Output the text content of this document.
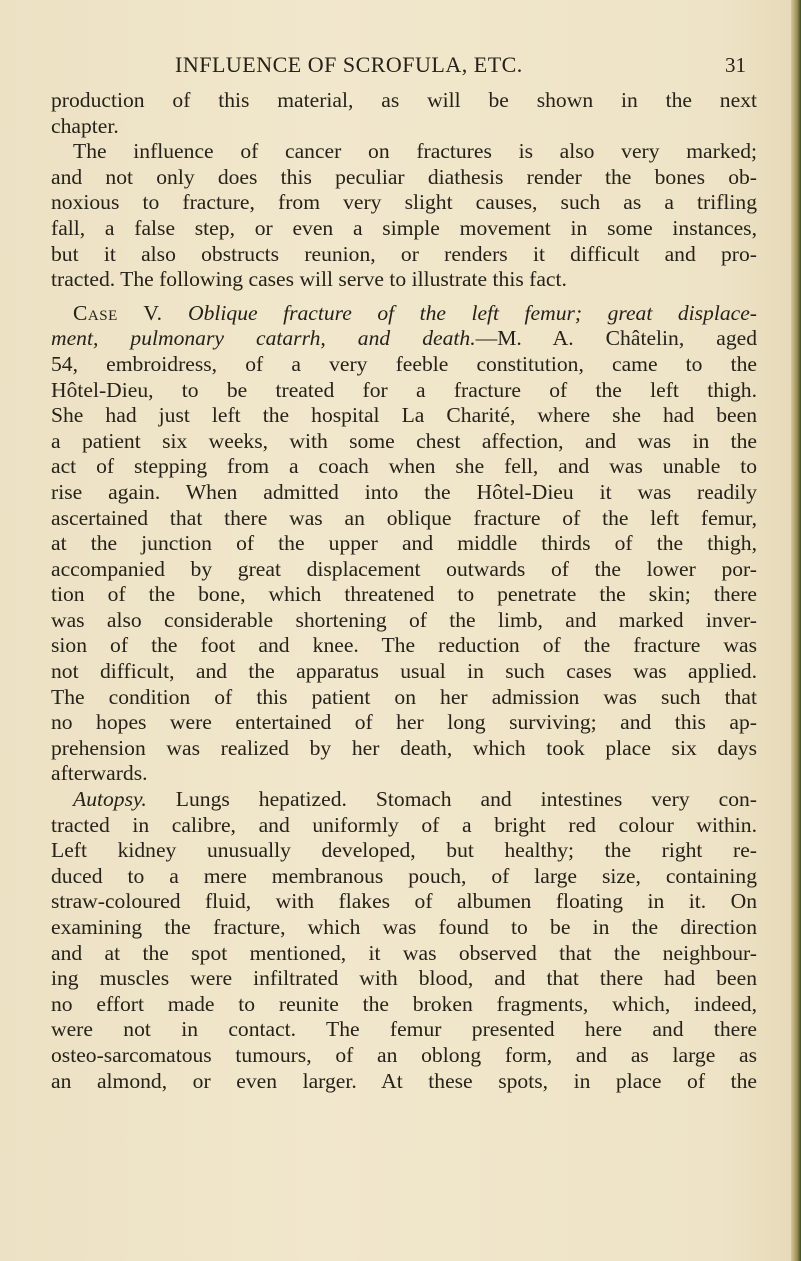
INFLUENCE OF SCROFULA, ETC.	31
production of this material, as will be shown in the next
chapter.
The influence of cancer on fractures is also very marked;
and not only does this peculiar diathesis render the bones ob-
noxious to fracture, from very slight causes, such as a trifling
fall, a false step, or even a simple movement in some instances,
but it also obstructs reunion, or renders it difficult and pro-
tracted. The following cases will serve to illustrate this fact.
Case V. Oblique fracture of the left femur; great displace-
ment, pulmonary catarrh, and death.—M. A. Châtelin, aged
54, embroidress, of a very feeble constitution, came to the
Hôtel-Dieu, to be treated for a fracture of the left thigh.
She had just left the hospital La Charité, where she had been
a patient six weeks, with some chest affection, and was in the
act of stepping from a coach when she fell, and was unable to
rise again. When admitted into the Hôtel-Dieu it was readily
ascertained that there was an oblique fracture of the left femur,
at the junction of the upper and middle thirds of the thigh,
accompanied by great displacement outwards of the lower por-
tion of the bone, which threatened to penetrate the skin; there
was also considerable shortening of the limb, and marked inver-
sion of the foot and knee. The reduction of the fracture was
not difficult, and the apparatus usual in such cases was applied.
The condition of this patient on her admission was such that
no hopes were entertained of her long surviving; and this ap-
prehension was realized by her death, which took place six days
afterwards.
Autopsy. Lungs hepatized. Stomach and intestines very con-
tracted in calibre, and uniformly of a bright red colour within.
Left kidney unusually developed, but healthy; the right re-
duced to a mere membranous pouch, of large size, containing
straw-coloured fluid, with flakes of albumen floating in it. On
examining the fracture, which was found to be in the direction
and at the spot mentioned, it was observed that the neighbour-
ing muscles were infiltrated with blood, and that there had been
no effort made to reunite the broken fragments, which, indeed,
were not in contact. The femur presented here and there
osteo-sarcomatous tumours, of an oblong form, and as large as
an almond, or even larger. At these spots, in place of the
